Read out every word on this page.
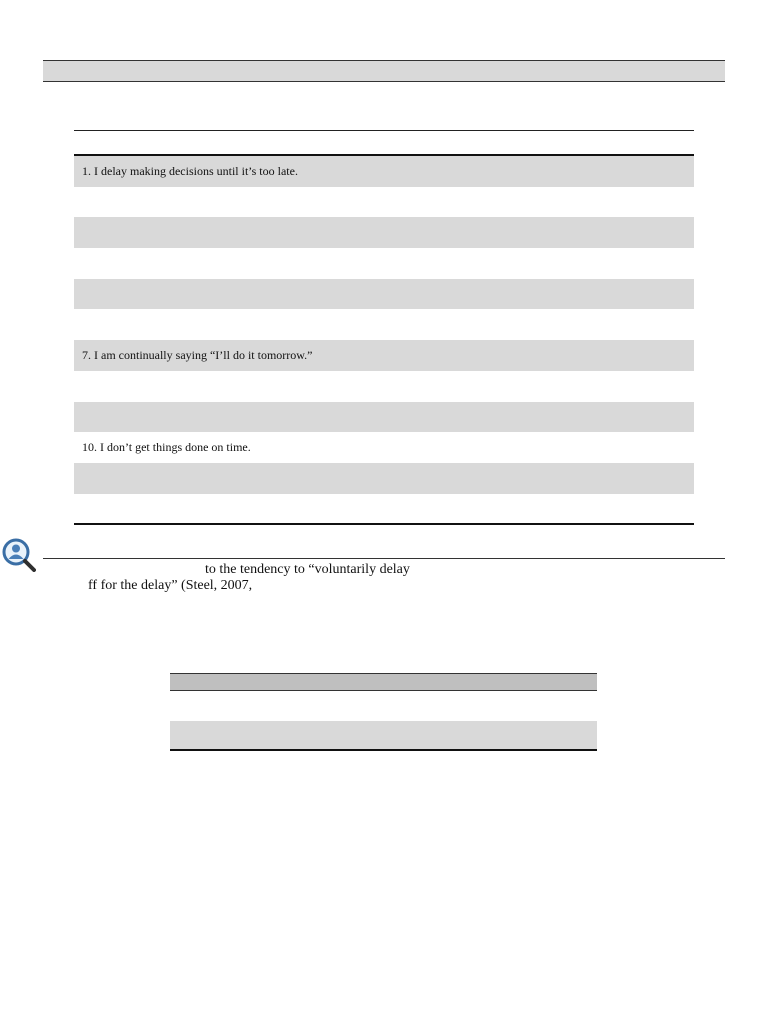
1. I delay making decisions until it’s too late.
7. I am continually saying “I’ll do it tomorrow.”
10. I don’t get things done on time.
to the tendency to “voluntarily delay
ff for the delay” (Steel, 2007,
